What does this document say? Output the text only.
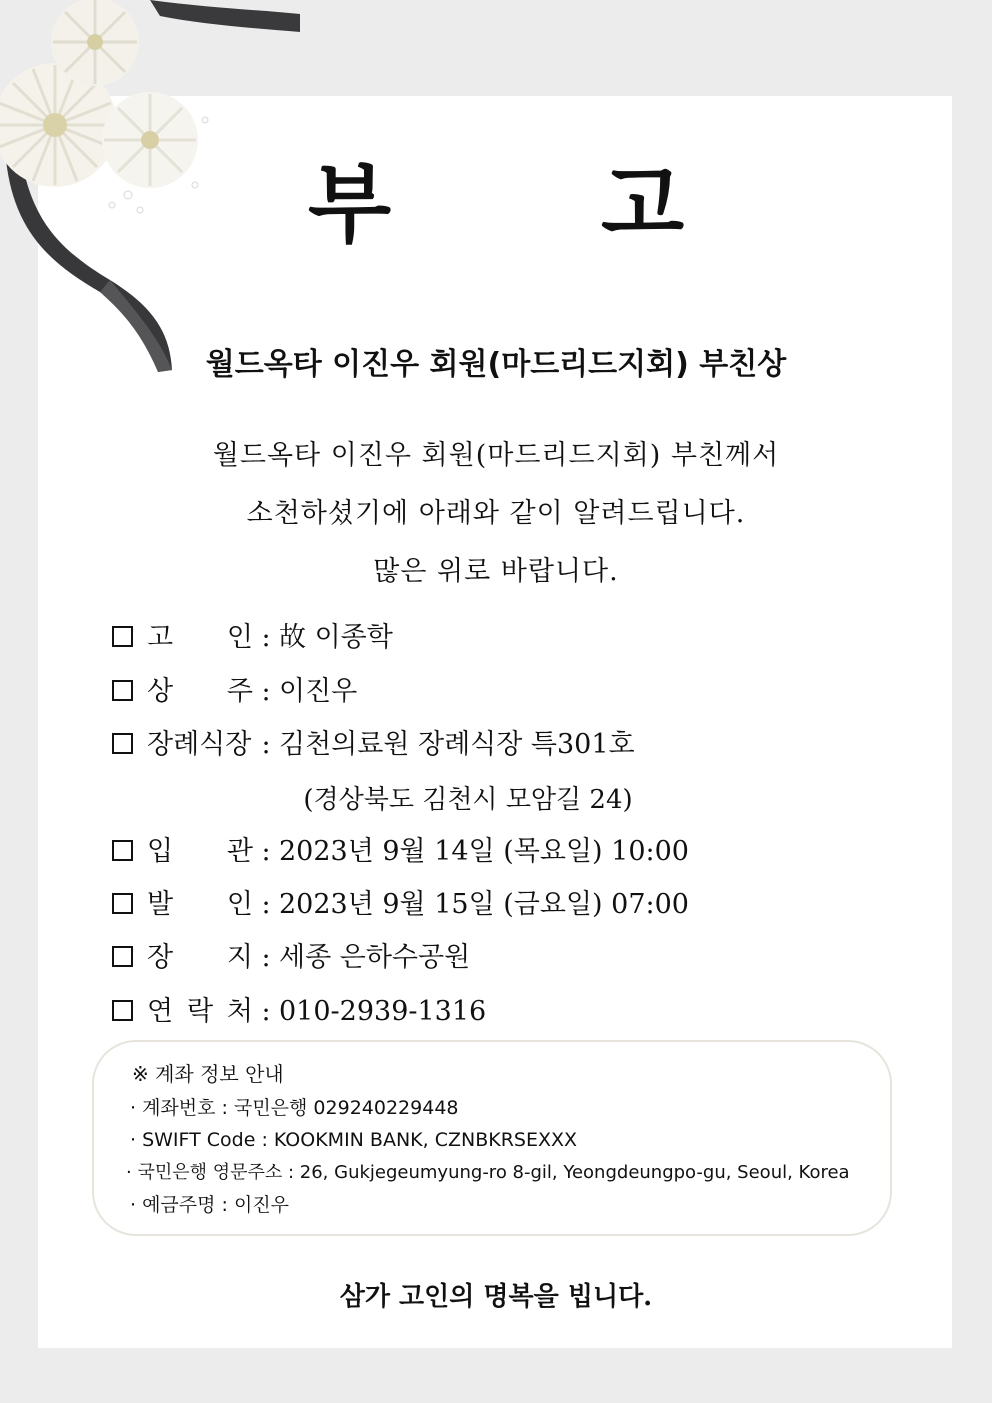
부 고
월드옥타 이진우 회원(마드리드지회) 부친상
월드옥타 이진우 회원(마드리드지회) 부친께서
소천하셨기에 아래와 같이 알려드립니다.
많은 위로 바랍니다.
고 인 : 故 이종학
상 주 : 이진우
장례식장 : 김천의료원 장례식장 특301호
(경상북도 김천시 모암길 24)
입 관 : 2023년 9월 14일 (목요일) 10:00
발 인 : 2023년 9월 15일 (금요일) 07:00
장 지 : 세종 은하수공원
연 락 처 : 010-2939-1316
※ 계좌 정보 안내
· 계좌번호 : 국민은행 029240229448
· SWIFT Code : KOOKMIN BANK, CZNBKRSEXXX
· 국민은행 영문주소 : 26, Gukjegeumyung-ro 8-gil, Yeongdeungpo-gu, Seoul, Korea
· 예금주명 : 이진우
삼가 고인의 명복을 빕니다.
